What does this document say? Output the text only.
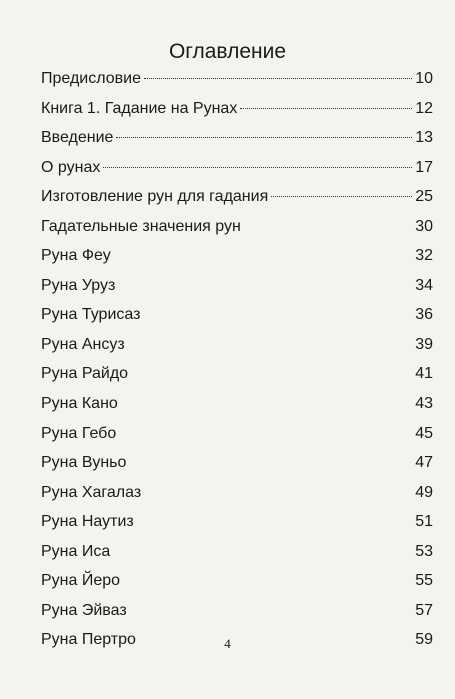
Оглавление
Предисловие	10
Книга 1. Гадание на Рунах	12
Введение	13
О рунах	17
Изготовление рун для гадания	25
Гадательные значения рун	30
Руна Феу	32
Руна Уруз	34
Руна Турисаз	36
Руна Ансуз	39
Руна Райдо	41
Руна Кано	43
Руна Гебо	45
Руна Вуньо	47
Руна Хагалаз	49
Руна Наутиз	51
Руна Иса	53
Руна Йеро	55
Руна Эйваз	57
Руна Пертро	59
4
